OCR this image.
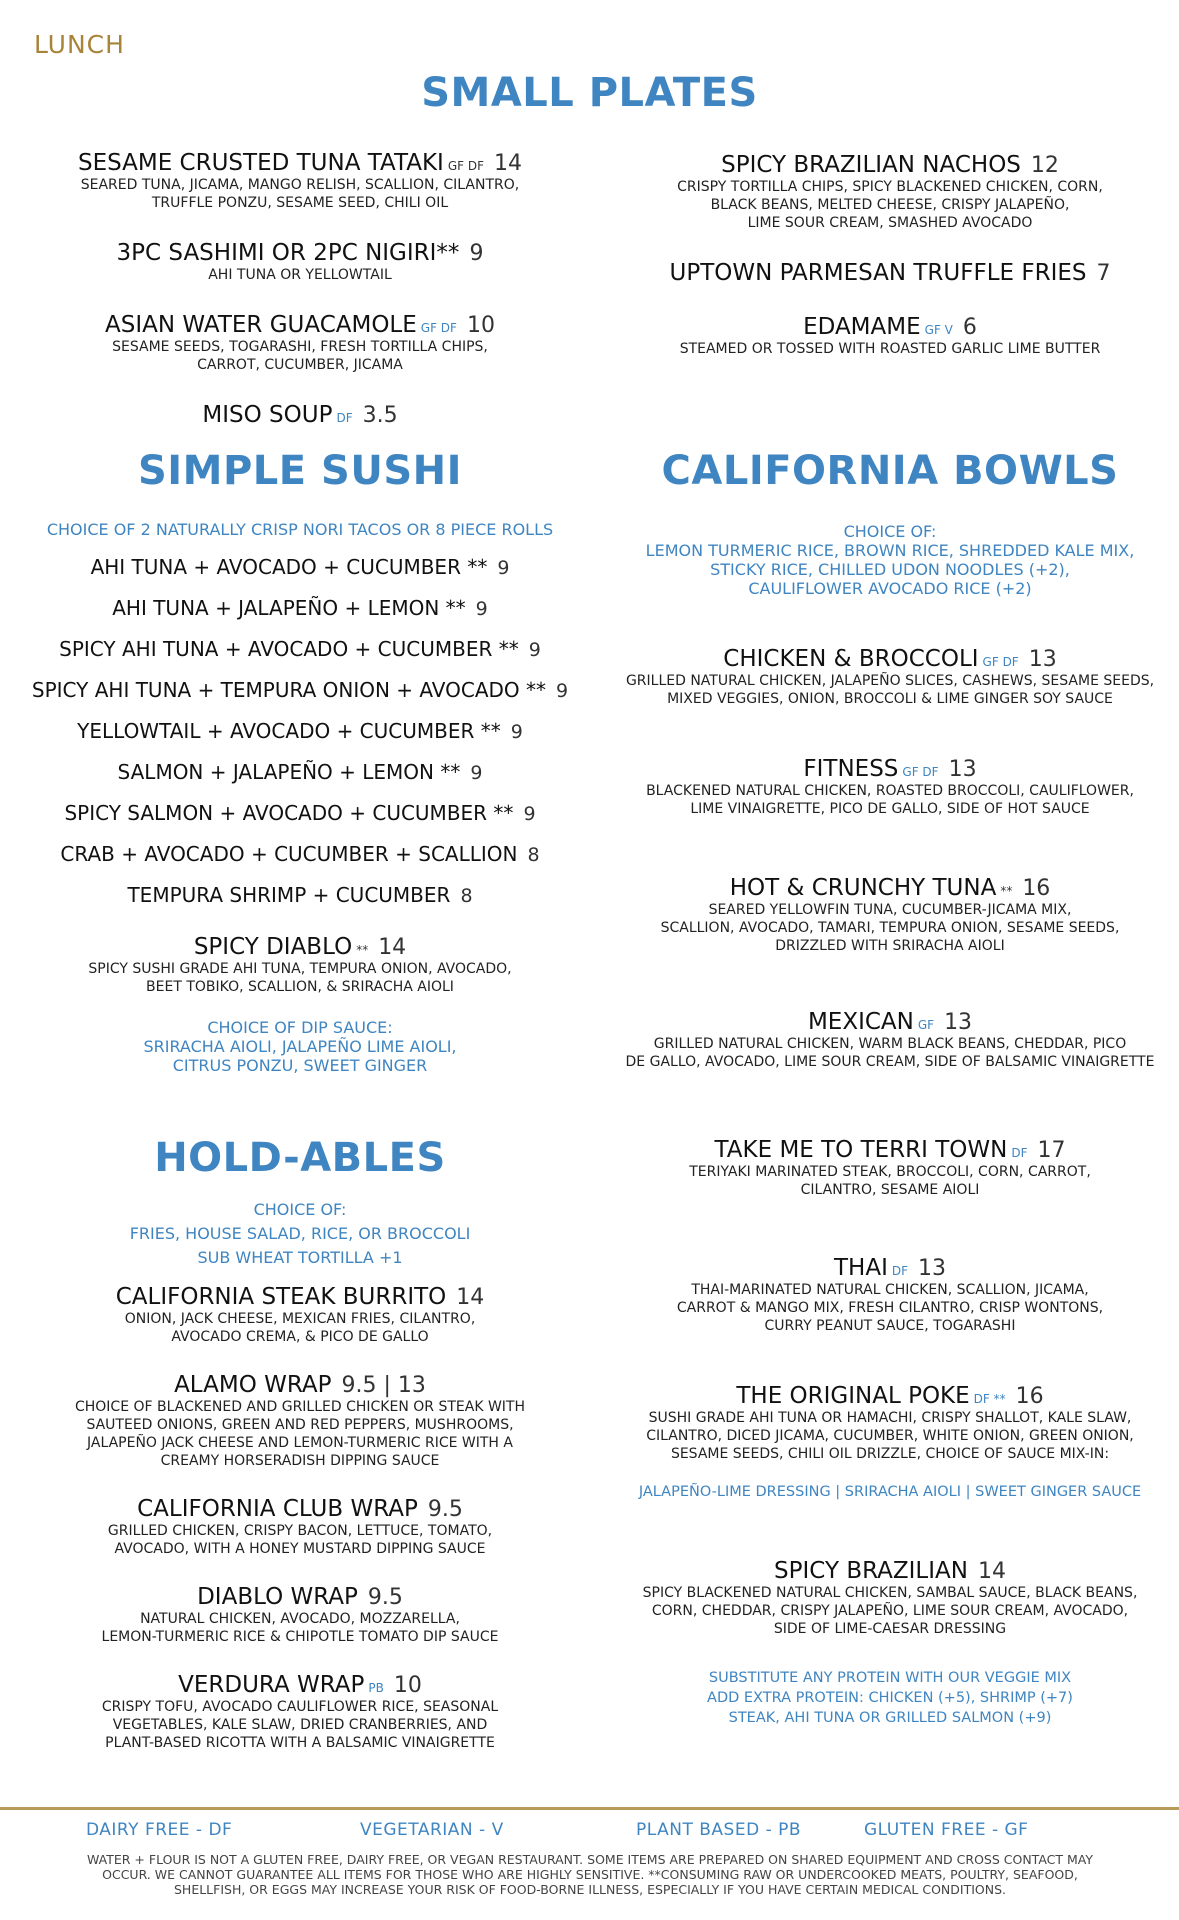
LUNCH
SMALL PLATES
SESAME CRUSTED TUNA TATAKI GF DF 14
SEARED TUNA, JICAMA, MANGO RELISH, SCALLION, CILANTRO,
TRUFFLE PONZU, SESAME SEED, CHILI OIL
3PC SASHIMI OR 2PC NIGIRI** 9
AHI TUNA OR YELLOWTAIL
ASIAN WATER GUACAMOLE GF DF 10
SESAME SEEDS, TOGARASHI, FRESH TORTILLA CHIPS,
CARROT, CUCUMBER, JICAMA
MISO SOUP DF 3.5
SPICY BRAZILIAN NACHOS 12
CRISPY TORTILLA CHIPS, SPICY BLACKENED CHICKEN, CORN,
BLACK BEANS, MELTED CHEESE, CRISPY JALAPEÑO,
LIME SOUR CREAM, SMASHED AVOCADO
UPTOWN PARMESAN TRUFFLE FRIES 7
EDAMAME GF V 6
STEAMED OR TOSSED WITH ROASTED GARLIC LIME BUTTER
SIMPLE SUSHI
CHOICE OF 2 NATURALLY CRISP NORI TACOS OR 8 PIECE ROLLS
AHI TUNA + AVOCADO + CUCUMBER ** 9
AHI TUNA + JALAPEÑO + LEMON ** 9
SPICY AHI TUNA + AVOCADO + CUCUMBER ** 9
SPICY AHI TUNA + TEMPURA ONION + AVOCADO ** 9
YELLOWTAIL + AVOCADO + CUCUMBER ** 9
SALMON + JALAPEÑO + LEMON ** 9
SPICY SALMON + AVOCADO + CUCUMBER ** 9
CRAB + AVOCADO + CUCUMBER + SCALLION 8
TEMPURA SHRIMP + CUCUMBER 8
SPICY DIABLO ** 14
SPICY SUSHI GRADE AHI TUNA, TEMPURA ONION, AVOCADO,
BEET TOBIKO, SCALLION, & SRIRACHA AIOLI
CHOICE OF DIP SAUCE:
SRIRACHA AIOLI, JALAPEÑO LIME AIOLI,
CITRUS PONZU, SWEET GINGER
HOLD-ABLES
CHOICE OF:
FRIES, HOUSE SALAD, RICE, OR BROCCOLI
SUB WHEAT TORTILLA +1
CALIFORNIA STEAK BURRITO 14
ONION, JACK CHEESE, MEXICAN FRIES, CILANTRO,
AVOCADO CREMA, & PICO DE GALLO
ALAMO WRAP 9.5 | 13
CHOICE OF BLACKENED AND GRILLED CHICKEN OR STEAK WITH
SAUTEED ONIONS, GREEN AND RED PEPPERS, MUSHROOMS,
JALAPEÑO JACK CHEESE AND LEMON-TURMERIC RICE WITH A
CREAMY HORSERADISH DIPPING SAUCE
CALIFORNIA CLUB WRAP 9.5
GRILLED CHICKEN, CRISPY BACON, LETTUCE, TOMATO,
AVOCADO, WITH A HONEY MUSTARD DIPPING SAUCE
DIABLO WRAP 9.5
NATURAL CHICKEN, AVOCADO, MOZZARELLA,
LEMON-TURMERIC RICE & CHIPOTLE TOMATO DIP SAUCE
VERDURA WRAP PB 10
CRISPY TOFU, AVOCADO CAULIFLOWER RICE, SEASONAL
VEGETABLES, KALE SLAW, DRIED CRANBERRIES, AND
PLANT-BASED RICOTTA WITH A BALSAMIC VINAIGRETTE
CALIFORNIA BOWLS
CHOICE OF:
LEMON TURMERIC RICE, BROWN RICE, SHREDDED KALE MIX,
STICKY RICE, CHILLED UDON NOODLES (+2),
CAULIFLOWER AVOCADO RICE (+2)
CHICKEN & BROCCOLI GF DF 13
GRILLED NATURAL CHICKEN, JALAPEÑO SLICES, CASHEWS, SESAME SEEDS,
MIXED VEGGIES, ONION, BROCCOLI & LIME GINGER SOY SAUCE
FITNESS GF DF 13
BLACKENED NATURAL CHICKEN, ROASTED BROCCOLI, CAULIFLOWER,
LIME VINAIGRETTE, PICO DE GALLO, SIDE OF HOT SAUCE
HOT & CRUNCHY TUNA ** 16
SEARED YELLOWFIN TUNA, CUCUMBER-JICAMA MIX,
SCALLION, AVOCADO, TAMARI, TEMPURA ONION, SESAME SEEDS,
DRIZZLED WITH SRIRACHA AIOLI
MEXICAN GF 13
GRILLED NATURAL CHICKEN, WARM BLACK BEANS, CHEDDAR, PICO
DE GALLO, AVOCADO, LIME SOUR CREAM, SIDE OF BALSAMIC VINAIGRETTE
TAKE ME TO TERRI TOWN DF 17
TERIYAKI MARINATED STEAK, BROCCOLI, CORN, CARROT,
CILANTRO, SESAME AIOLI
THAI DF 13
THAI-MARINATED NATURAL CHICKEN, SCALLION, JICAMA,
CARROT & MANGO MIX, FRESH CILANTRO, CRISP WONTONS,
CURRY PEANUT SAUCE, TOGARASHI
THE ORIGINAL POKE DF ** 16
SUSHI GRADE AHI TUNA OR HAMACHI, CRISPY SHALLOT, KALE SLAW,
CILANTRO, DICED JICAMA, CUCUMBER, WHITE ONION, GREEN ONION,
SESAME SEEDS, CHILI OIL DRIZZLE, CHOICE OF SAUCE MIX-IN:
JALAPEÑO-LIME DRESSING | SRIRACHA AIOLI | SWEET GINGER SAUCE
SPICY BRAZILIAN 14
SPICY BLACKENED NATURAL CHICKEN, SAMBAL SAUCE, BLACK BEANS,
CORN, CHEDDAR, CRISPY JALAPEÑO, LIME SOUR CREAM, AVOCADO,
SIDE OF LIME-CAESAR DRESSING
SUBSTITUTE ANY PROTEIN WITH OUR VEGGIE MIX
ADD EXTRA PROTEIN: CHICKEN (+5), SHRIMP (+7)
STEAK, AHI TUNA OR GRILLED SALMON (+9)
DAIRY FREE - DF	VEGETARIAN - V	PLANT BASED - PB	GLUTEN FREE - GF
WATER + FLOUR IS NOT A GLUTEN FREE, DAIRY FREE, OR VEGAN RESTAURANT. SOME ITEMS ARE PREPARED ON SHARED EQUIPMENT AND CROSS CONTACT MAY
OCCUR. WE CANNOT GUARANTEE ALL ITEMS FOR THOSE WHO ARE HIGHLY SENSITIVE. **CONSUMING RAW OR UNDERCOOKED MEATS, POULTRY, SEAFOOD,
SHELLFISH, OR EGGS MAY INCREASE YOUR RISK OF FOOD-BORNE ILLNESS, ESPECIALLY IF YOU HAVE CERTAIN MEDICAL CONDITIONS.
